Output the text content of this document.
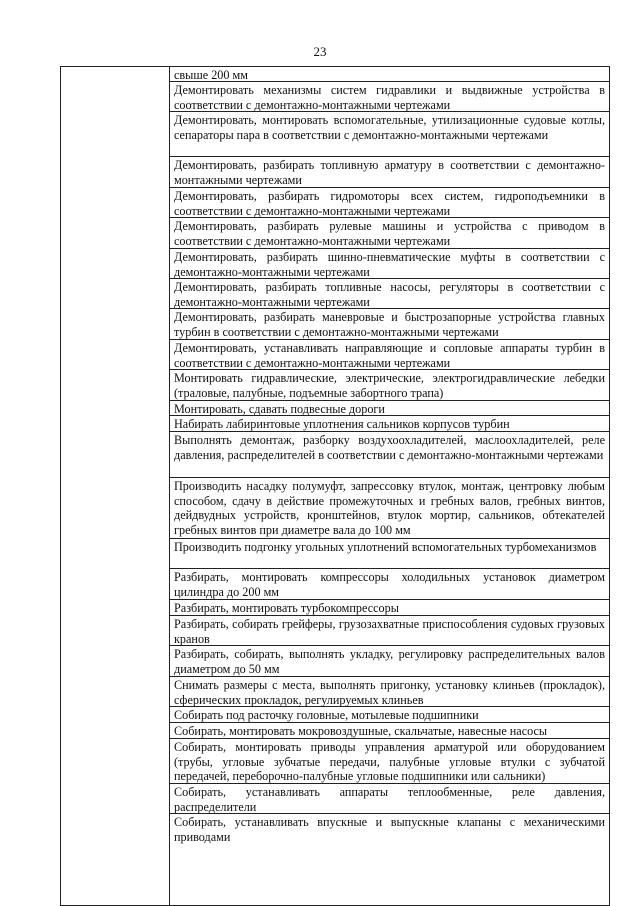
23

свыше 200 мм
Демонтировать механизмы систем гидравлики и выдвижные устройства в соответствии с демонтажно-монтажными чертежами
Демонтировать, монтировать вспомогательные, утилизационные судовые котлы, сепараторы пара в соответствии с демонтажно-монтажными чертежами
Демонтировать, разбирать топливную арматуру в соответствии с демонтажно-монтажными чертежами
Демонтировать, разбирать гидромоторы всех систем, гидроподъемники в соответствии с демонтажно-монтажными чертежами
Демонтировать, разбирать рулевые машины и устройства с приводом в соответствии с демонтажно-монтажными чертежами
Демонтировать, разбирать шинно-пневматические муфты в соответствии с демонтажно-монтажными чертежами
Демонтировать, разбирать топливные насосы, регуляторы в соответствии с демонтажно-монтажными чертежами
Демонтировать, разбирать маневровые и быстрозапорные устройства главных турбин в соответствии с демонтажно-монтажными чертежами
Демонтировать, устанавливать направляющие и сопловые аппараты турбин в соответствии с демонтажно-монтажными чертежами
Монтировать гидравлические, электрические, электрогидравлические лебедки (траловые, палубные, подъемные забортного трапа)
Монтировать, сдавать подвесные дороги
Набирать лабиринтовые уплотнения сальников корпусов турбин
Выполнять демонтаж, разборку воздухоохладителей, маслоохладителей, реле давления, распределителей в соответствии с демонтажно-монтажными чертежами
Производить насадку полумуфт, запрессовку втулок, монтаж, центровку любым способом, сдачу в действие промежуточных и гребных валов, гребных винтов, дейдвудных устройств, кронштейнов, втулок мортир, сальников, обтекателей гребных винтов при диаметре вала до 100 мм
Производить подгонку угольных уплотнений вспомогательных турбомеханизмов
Разбирать, монтировать компрессоры холодильных установок диаметром цилиндра до 200 мм
Разбирать, монтировать турбокомпрессоры
Разбирать, собирать грейферы, грузозахватные приспособления судовых грузовых кранов
Разбирать, собирать, выполнять укладку, регулировку распределительных валов диаметром до 50 мм
Снимать размеры с места, выполнять пригонку, установку клиньев (прокладок), сферических прокладок, регулируемых клиньев
Собирать под расточку головные, мотылевые подшипники
Собирать, монтировать мокровоздушные, скальчатые, навесные насосы
Собирать, монтировать приводы управления арматурой или оборудованием (трубы, угловые зубчатые передачи, палубные угловые втулки с зубчатой передачей, переборочно-палубные угловые подшипники или сальники)
Собирать, устанавливать аппараты теплообменные, реле давления, распределители
Собирать, устанавливать впускные и выпускные клапаны с механическими приводами
